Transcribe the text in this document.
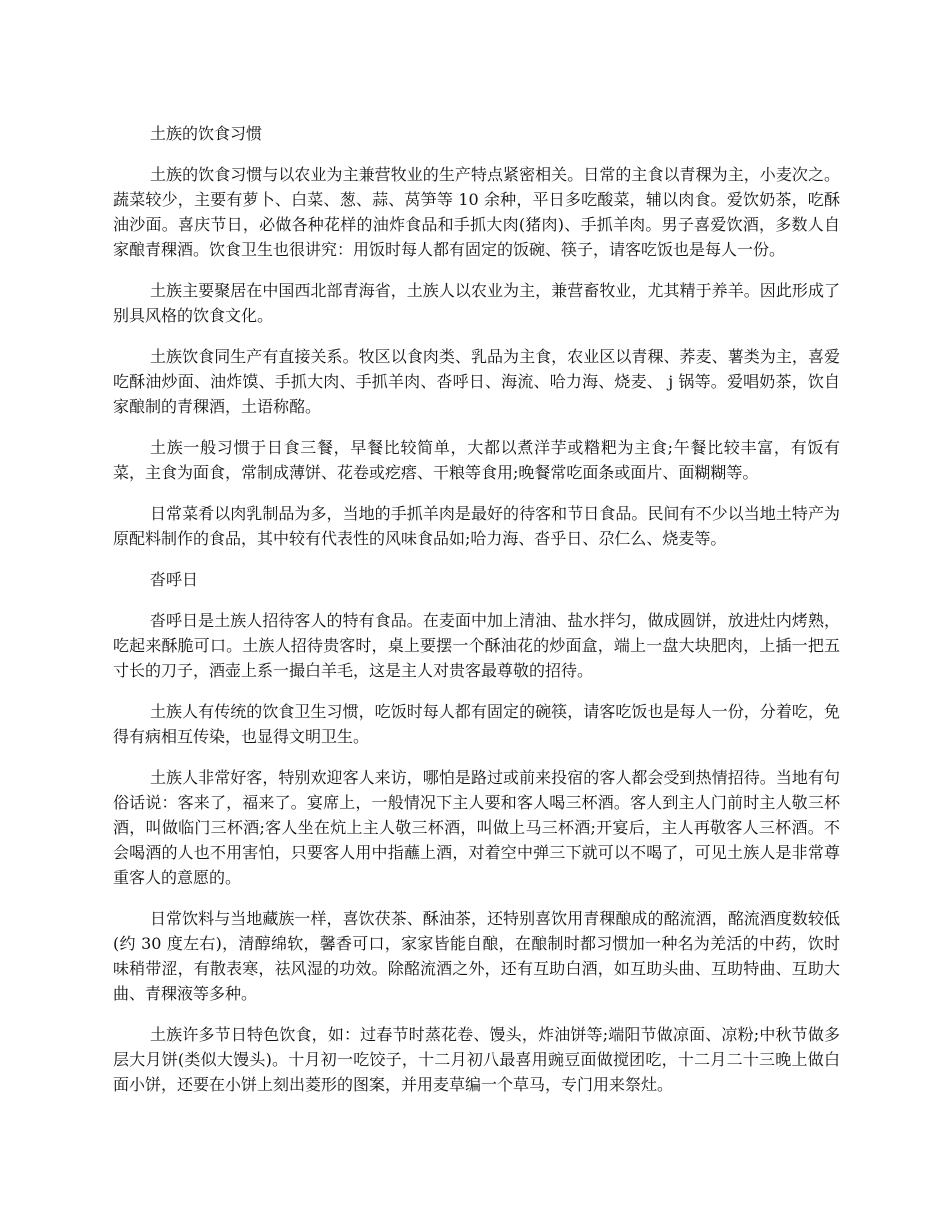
土族的饮食习惯

土族的饮食习惯与以农业为主兼营牧业的生产特点紧密相关。日常的主食以青稞为主，小麦次之。蔬菜较少，主要有萝卜、白菜、葱、蒜、莴笋等 10 余种，平日多吃酸菜，辅以肉食。爱饮奶茶，吃酥油沙面。喜庆节日，必做各种花样的油炸食品和手抓大肉(猪肉)、手抓羊肉。男子喜爱饮酒，多数人自家酿青稞酒。饮食卫生也很讲究：用饭时每人都有固定的饭碗、筷子，请客吃饭也是每人一份。

土族主要聚居在中国西北部青海省，土族人以农业为主，兼营畜牧业，尤其精于养羊。因此形成了别具风格的饮食文化。

土族饮食同生产有直接关系。牧区以食肉类、乳品为主食，农业区以青稞、荞麦、薯类为主，喜爱吃酥油炒面、油炸馍、手抓大肉、手抓羊肉、沓呼日、海流、哈力海、烧麦、 j 锅等。爱唱奶茶，饮自家酿制的青稞酒，土语称酩。

土族一般习惯于日食三餐，早餐比较简单，大都以煮洋芋或糌粑为主食;午餐比较丰富，有饭有菜，主食为面食，常制成薄饼、花卷或疙瘩、干粮等食用;晚餐常吃面条或面片、面糊糊等。

日常菜肴以肉乳制品为多，当地的手抓羊肉是最好的待客和节日食品。民间有不少以当地土特产为原配料制作的食品，其中较有代表性的风味食品如;哈力海、沓乎日、尕仁么、烧麦等。

沓呼日

沓呼日是土族人招待客人的特有食品。在麦面中加上清油、盐水拌匀，做成圆饼，放进灶内烤熟，吃起来酥脆可口。土族人招待贵客时，桌上要摆一个酥油花的炒面盒，端上一盘大块肥肉，上插一把五寸长的刀子，酒壶上系一撮白羊毛，这是主人对贵客最尊敬的招待。

土族人有传统的饮食卫生习惯，吃饭时每人都有固定的碗筷，请客吃饭也是每人一份，分着吃，免得有病相互传染，也显得文明卫生。

土族人非常好客，特别欢迎客人来访，哪怕是路过或前来投宿的客人都会受到热情招待。当地有句俗话说：客来了，福来了。宴席上，一般情况下主人要和客人喝三杯酒。客人到主人门前时主人敬三杯酒，叫做临门三杯酒;客人坐在炕上主人敬三杯酒，叫做上马三杯酒;开宴后，主人再敬客人三杯酒。不会喝酒的人也不用害怕，只要客人用中指蘸上酒，对着空中弹三下就可以不喝了，可见土族人是非常尊重客人的意愿的。

日常饮料与当地藏族一样，喜饮茯茶、酥油茶，还特别喜饮用青稞酿成的酩流酒，酩流酒度数较低(约 30 度左右)，清醇绵软，馨香可口，家家皆能自酿，在酿制时都习惯加一种名为羌活的中药，饮时味稍带涩，有散表寒，祛风湿的功效。除酩流酒之外，还有互助白酒，如互助头曲、互助特曲、互助大曲、青稞液等多种。

土族许多节日特色饮食，如：过春节时蒸花卷、馒头，炸油饼等;端阳节做凉面、凉粉;中秋节做多层大月饼(类似大馒头)。十月初一吃饺子，十二月初八最喜用豌豆面做搅团吃，十二月二十三晚上做白面小饼，还要在小饼上刻出菱形的图案，并用麦草编一个草马，专门用来祭灶。
